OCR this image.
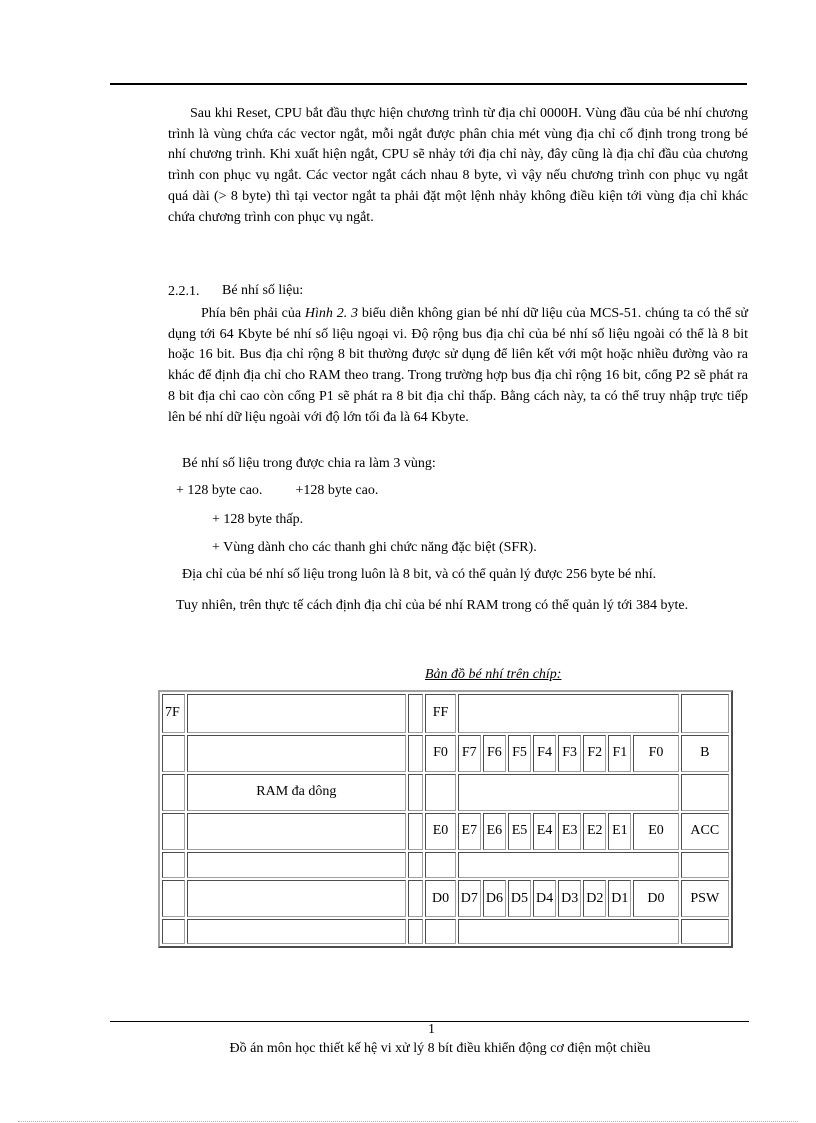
Sau khi Reset, CPU bắt đầu thực hiện chương trình từ địa chỉ 0000H. Vùng đầu của bé nhí chương trình là vùng chứa các vector ngắt, mỗi ngắt được phân chia mét vùng địa chỉ cố định trong trong bé nhí chương trình. Khi xuất hiện ngắt, CPU sẽ nhảy tới địa chỉ này, đây cũng là địa chỉ đầu của chương trình con phục vụ ngắt. Các vector ngắt cách nhau 8 byte, vì vậy nếu chương trình con phục vụ ngắt quá dài (> 8 byte) thì tại vector ngắt ta phải đặt một lệnh nhảy không điều kiện tới vùng địa chỉ khác chứa chương trình con phục vụ ngắt.

2.2.1. Bé nhí số liệu:

Phía bên phải của Hình 2. 3 biểu diễn không gian bé nhí dữ liệu của MCS-51. chúng ta có thể sử dụng tới 64 Kbyte bé nhí số liệu ngoại vi. Độ rộng bus địa chỉ của bé nhí số liệu ngoài có thể là 8 bit hoặc 16 bit. Bus địa chỉ rộng 8 bit thường được sử dụng để liên kết với một hoặc nhiều đường vào ra khác để định địa chỉ cho RAM theo trang. Trong trường hợp bus địa chỉ rộng 16 bit, cổng P2 sẽ phát ra 8 bit địa chỉ cao còn cổng P1 sẽ phát ra 8 bit địa chỉ thấp. Bằng cách này, ta có thể truy nhập trực tiếp lên bé nhí dữ liệu ngoài với độ lớn tối đa là 64 Kbyte.

Bé nhí số liệu trong được chia ra làm 3 vùng:

+ 128 byte cao. +128 byte cao.

+ 128 byte thấp.

+ Vùng dành cho các thanh ghi chức năng đặc biệt (SFR).

Địa chỉ của bé nhí số liệu trong luôn là 8 bit, và có thể quản lý được 256 byte bé nhí.

Tuy nhiên, trên thực tế cách định địa chỉ của bé nhí RAM trong có thể quản lý tới 384 byte.

Bản đồ bé nhí trên chíp:
7F			FF									
			F0	F7	F6	F5	F4	F3	F2	F1	F0	B
	RAM đa dông											
			E0	E7	E6	E5	E4	E3	E2	E1	E0	ACC

			D0	D7	D6	D5	D4	D3	D2	D1	D0	PSW

1
Đồ án môn học thiết kế hệ vi xử lý 8 bít điều khiển động cơ điện một chiều
